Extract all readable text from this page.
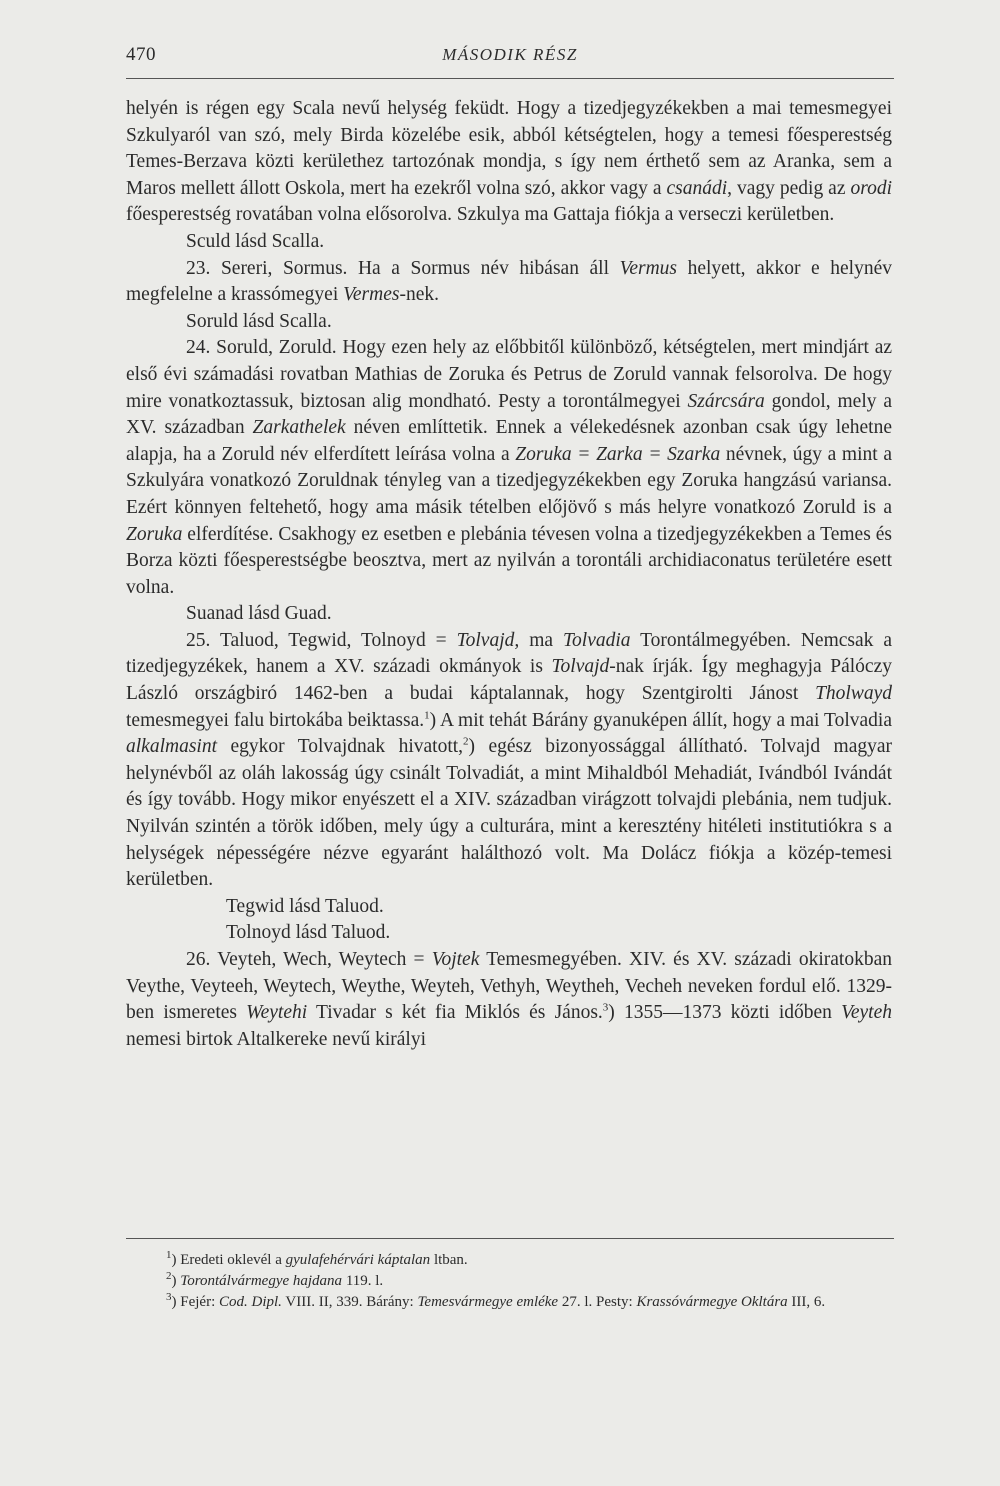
470	MÁSODIK RÉSZ

helyén is régen egy Scala nevű helység feküdt. Hogy a tizedjegyzékekben a mai temesmegyei Szkulyaról van szó, mely Birda közelébe esik, abból kétségtelen, hogy a temesi főesperestség Temes-Berzava közti kerülethez tartozónak mondja, s így nem érthető sem az Aranka, sem a Maros mellett állott Oskola, mert ha ezekről volna szó, akkor vagy a csanádi, vagy pedig az orodi főesperestség rovatában volna elősorolva. Szkulya ma Gattaja fiókja a verseczi kerületben.

Sculd lásd Scalla.

23. Sereri, Sormus. Ha a Sormus név hibásan áll Vermus helyett, akkor e helynév megfelelne a krassómegyei Vermes-nek.

Soruld lásd Scalla.

24. Soruld, Zoruld. Hogy ezen hely az előbbitől különböző, kétségtelen, mert mindjárt az első évi számadási rovatban Mathias de Zoruka és Petrus de Zoruld vannak felsorolva. De hogy mire vonatkoztassuk, biztosan alig mondható. Pesty a torontálmegyei Szárcsára gondol, mely a XV. században Zarkathelek néven említtetik. Ennek a vélekedésnek azonban csak úgy lehetne alapja, ha a Zoruld név elferdített leírása volna a Zoruka = Zarka = Szarka névnek, úgy a mint a Szkulyára vonatkozó Zoruldnak tényleg van a tizedjegyzékekben egy Zoruka hangzású variansa. Ezért könnyen feltehető, hogy ama másik tételben előjövő s más helyre vonatkozó Zoruld is a Zoruka elferdítése. Csakhogy ez esetben e plebánia tévesen volna a tizedjegyzékekben a Temes és Borza közti főesperestségbe beosztva, mert az nyilván a torontáli archidiaconatus területére esett volna.

Suanad lásd Guad.

25. Taluod, Tegwid, Tolnoyd = Tolvajd, ma Tolvadia Torontálmegyében. Nemcsak a tizedjegyzékek, hanem a XV. századi okmányok is Tolvajd-nak írják. Így meghagyja Pálóczy László országbiró 1462-ben a budai káptalannak, hogy Szentgirolti Jánost Tholwayd temesmegyei falu birtokába beiktassa.$^1$) A mit tehát Bárány gyanuképen állít, hogy a mai Tolvadia alkalmasint egykor Tolvajdnak hivatott,$^2$) egész bizonyossággal állítható. Tolvajd magyar helynévből az oláh lakosság úgy csinált Tolvadiát, a mint Mihaldból Mehadiát, Ivándból Ivándát és így tovább. Hogy mikor enyészett el a XIV. században virágzott tolvajdi plebánia, nem tudjuk. Nyilván szintén a török időben, mely úgy a culturára, mint a keresztény hitéleti institutiókra s a helységek népességére nézve egyaránt halálthozó volt. Ma Dolácz fiókja a közép-temesi kerületben.

Tegwid lásd Taluod.

Tolnoyd lásd Taluod.

26. Veyteh, Wech, Weytech = Vojtek Temesmegyében. XIV. és XV. századi okiratokban Veythe, Veyteeh, Weytech, Weythe, Weyteh, Vethyh, Weytheh, Vecheh neveken fordul elő. 1329-ben ismeretes Weytehi Tivadar s két fia Miklós és János.$^3$) 1355—1373 közti időben Veyteh nemesi birtok Altalkereke nevű királyi

$^1$) Eredeti oklevél a gyulafehérvári káptalan ltban.

$^2$) Torontálvármegye hajdana 119. l.

$^3$) Fejér: Cod. Dipl. VIII. II, 339. Bárány: Temesvármegye emléke 27. l. Pesty: Krassóvármegye Okltára III, 6.
